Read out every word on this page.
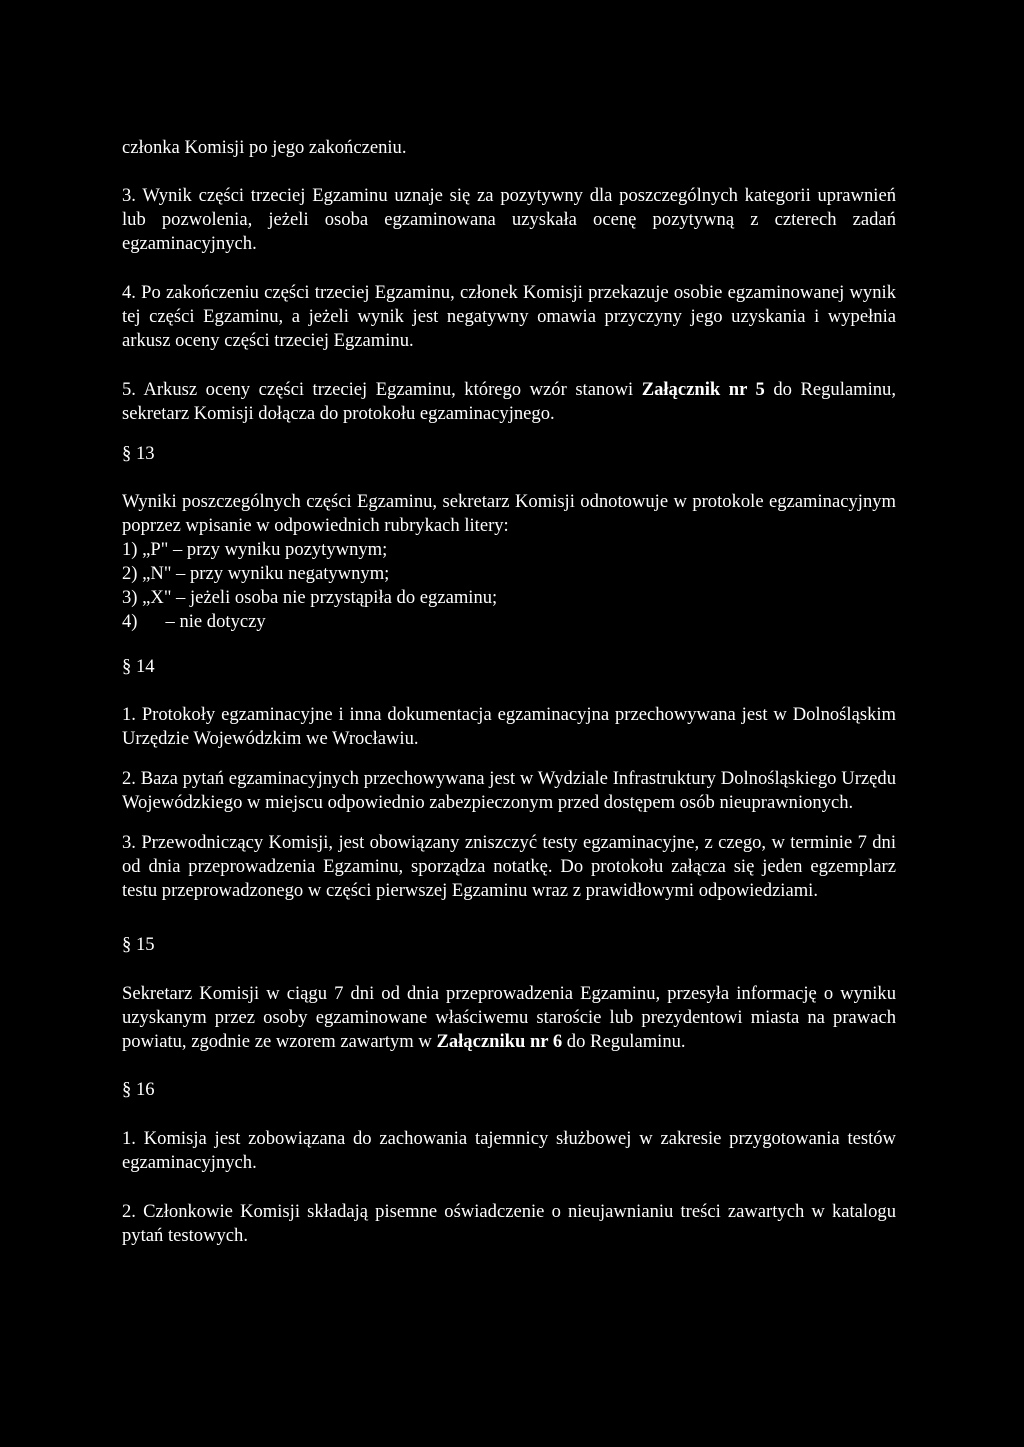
członka Komisji po jego zakończeniu.

3. Wynik części trzeciej Egzaminu uznaje się za pozytywny dla poszczególnych kategorii uprawnień lub pozwolenia, jeżeli osoba egzaminowana uzyskała ocenę pozytywną z czterech zadań egzaminacyjnych.

4. Po zakończeniu części trzeciej Egzaminu, członek Komisji przekazuje osobie egzaminowanej wynik tej części Egzaminu, a jeżeli wynik jest negatywny omawia przyczyny jego uzyskania i wypełnia arkusz oceny części trzeciej Egzaminu.

5. Arkusz oceny części trzeciej Egzaminu, którego wzór stanowi Załącznik nr 5 do Regulaminu, sekretarz Komisji dołącza do protokołu egzaminacyjnego.

§ 13

Wyniki poszczególnych części Egzaminu, sekretarz Komisji odnotowuje w protokole egzaminacyjnym poprzez wpisanie w odpowiednich rubrykach litery:

1) „P" – przy wyniku pozytywnym;

2) „N" – przy wyniku negatywnym;

3) „X" – jeżeli osoba nie przystąpiła do egzaminu;

4) – nie dotyczy

§ 14

1. Protokoły egzaminacyjne i inna dokumentacja egzaminacyjna przechowywana jest w Dolnośląskim Urzędzie Wojewódzkim we Wrocławiu.

2. Baza pytań egzaminacyjnych przechowywana jest w Wydziale Infrastruktury Dolnośląskiego Urzędu Wojewódzkiego w miejscu odpowiednio zabezpieczonym przed dostępem osób nieuprawnionych.

3. Przewodniczący Komisji, jest obowiązany zniszczyć testy egzaminacyjne, z czego, w terminie 7 dni od dnia przeprowadzenia Egzaminu, sporządza notatkę. Do protokołu załącza się jeden egzemplarz testu przeprowadzonego w części pierwszej Egzaminu wraz z prawidłowymi odpowiedziami.

§ 15

Sekretarz Komisji w ciągu 7 dni od dnia przeprowadzenia Egzaminu, przesyła informację o wyniku uzyskanym przez osoby egzaminowane właściwemu staroście lub prezydentowi miasta na prawach powiatu, zgodnie ze wzorem zawartym w Załączniku nr 6 do Regulaminu.

§ 16

1. Komisja jest zobowiązana do zachowania tajemnicy służbowej w zakresie przygotowania testów egzaminacyjnych.

2. Członkowie Komisji składają pisemne oświadczenie o nieujawnianiu treści zawartych w katalogu pytań testowych.
